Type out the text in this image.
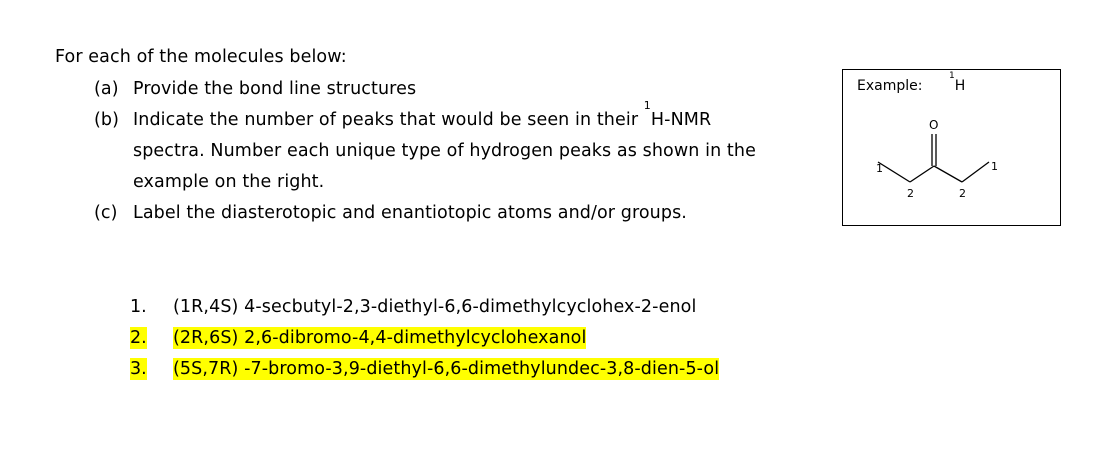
For each of the molecules below:
(a) Provide the bond line structures
(b) Indicate the number of peaks that would be seen in their $^1$H-NMR
spectra. Number each unique type of hydrogen peaks as shown in the
example on the right.
(c) Label the diasterotopic and enantiotopic atoms and/or groups.
1. (1R,4S) 4-secbutyl-2,3-diethyl-6,6-dimethylcyclohex-2-enol
2. (2R,6S) 2,6-dibromo-4,4-dimethylcyclohexanol
3. (5S,7R) -7-bromo-3,9-diethyl-6,6-dimethylundec-3,8-dien-5-ol
Example:
$^1$H
O
1
2	2
1
